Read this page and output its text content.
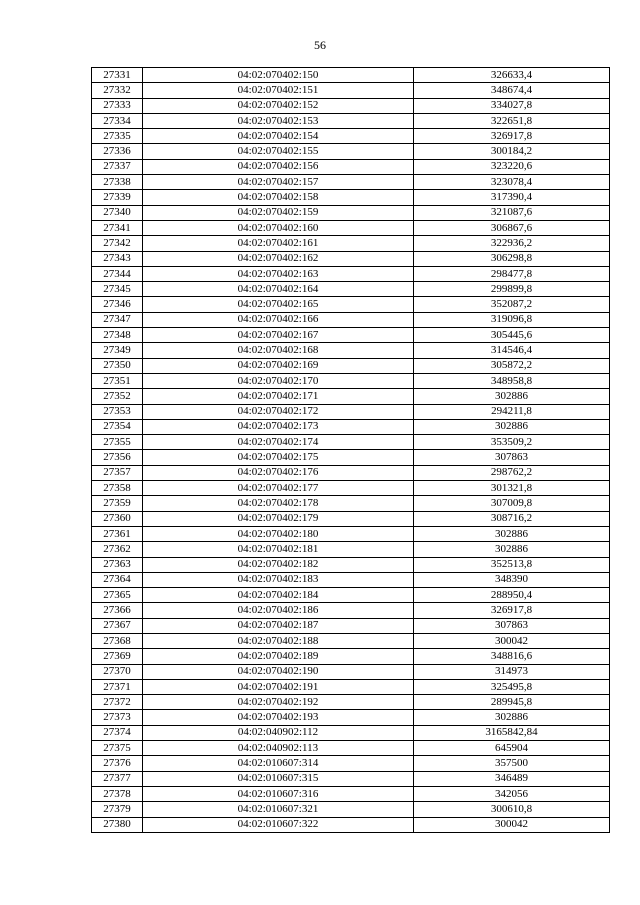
56
27331	04:02:070402:150	326633,4
27332	04:02:070402:151	348674,4
27333	04:02:070402:152	334027,8
27334	04:02:070402:153	322651,8
27335	04:02:070402:154	326917,8
27336	04:02:070402:155	300184,2
27337	04:02:070402:156	323220,6
27338	04:02:070402:157	323078,4
27339	04:02:070402:158	317390,4
27340	04:02:070402:159	321087,6
27341	04:02:070402:160	306867,6
27342	04:02:070402:161	322936,2
27343	04:02:070402:162	306298,8
27344	04:02:070402:163	298477,8
27345	04:02:070402:164	299899,8
27346	04:02:070402:165	352087,2
27347	04:02:070402:166	319096,8
27348	04:02:070402:167	305445,6
27349	04:02:070402:168	314546,4
27350	04:02:070402:169	305872,2
27351	04:02:070402:170	348958,8
27352	04:02:070402:171	302886
27353	04:02:070402:172	294211,8
27354	04:02:070402:173	302886
27355	04:02:070402:174	353509,2
27356	04:02:070402:175	307863
27357	04:02:070402:176	298762,2
27358	04:02:070402:177	301321,8
27359	04:02:070402:178	307009,8
27360	04:02:070402:179	308716,2
27361	04:02:070402:180	302886
27362	04:02:070402:181	302886
27363	04:02:070402:182	352513,8
27364	04:02:070402:183	348390
27365	04:02:070402:184	288950,4
27366	04:02:070402:186	326917,8
27367	04:02:070402:187	307863
27368	04:02:070402:188	300042
27369	04:02:070402:189	348816,6
27370	04:02:070402:190	314973
27371	04:02:070402:191	325495,8
27372	04:02:070402:192	289945,8
27373	04:02:070402:193	302886
27374	04:02:040902:112	3165842,84
27375	04:02:040902:113	645904
27376	04:02:010607:314	357500
27377	04:02:010607:315	346489
27378	04:02:010607:316	342056
27379	04:02:010607:321	300610,8
27380	04:02:010607:322	300042
